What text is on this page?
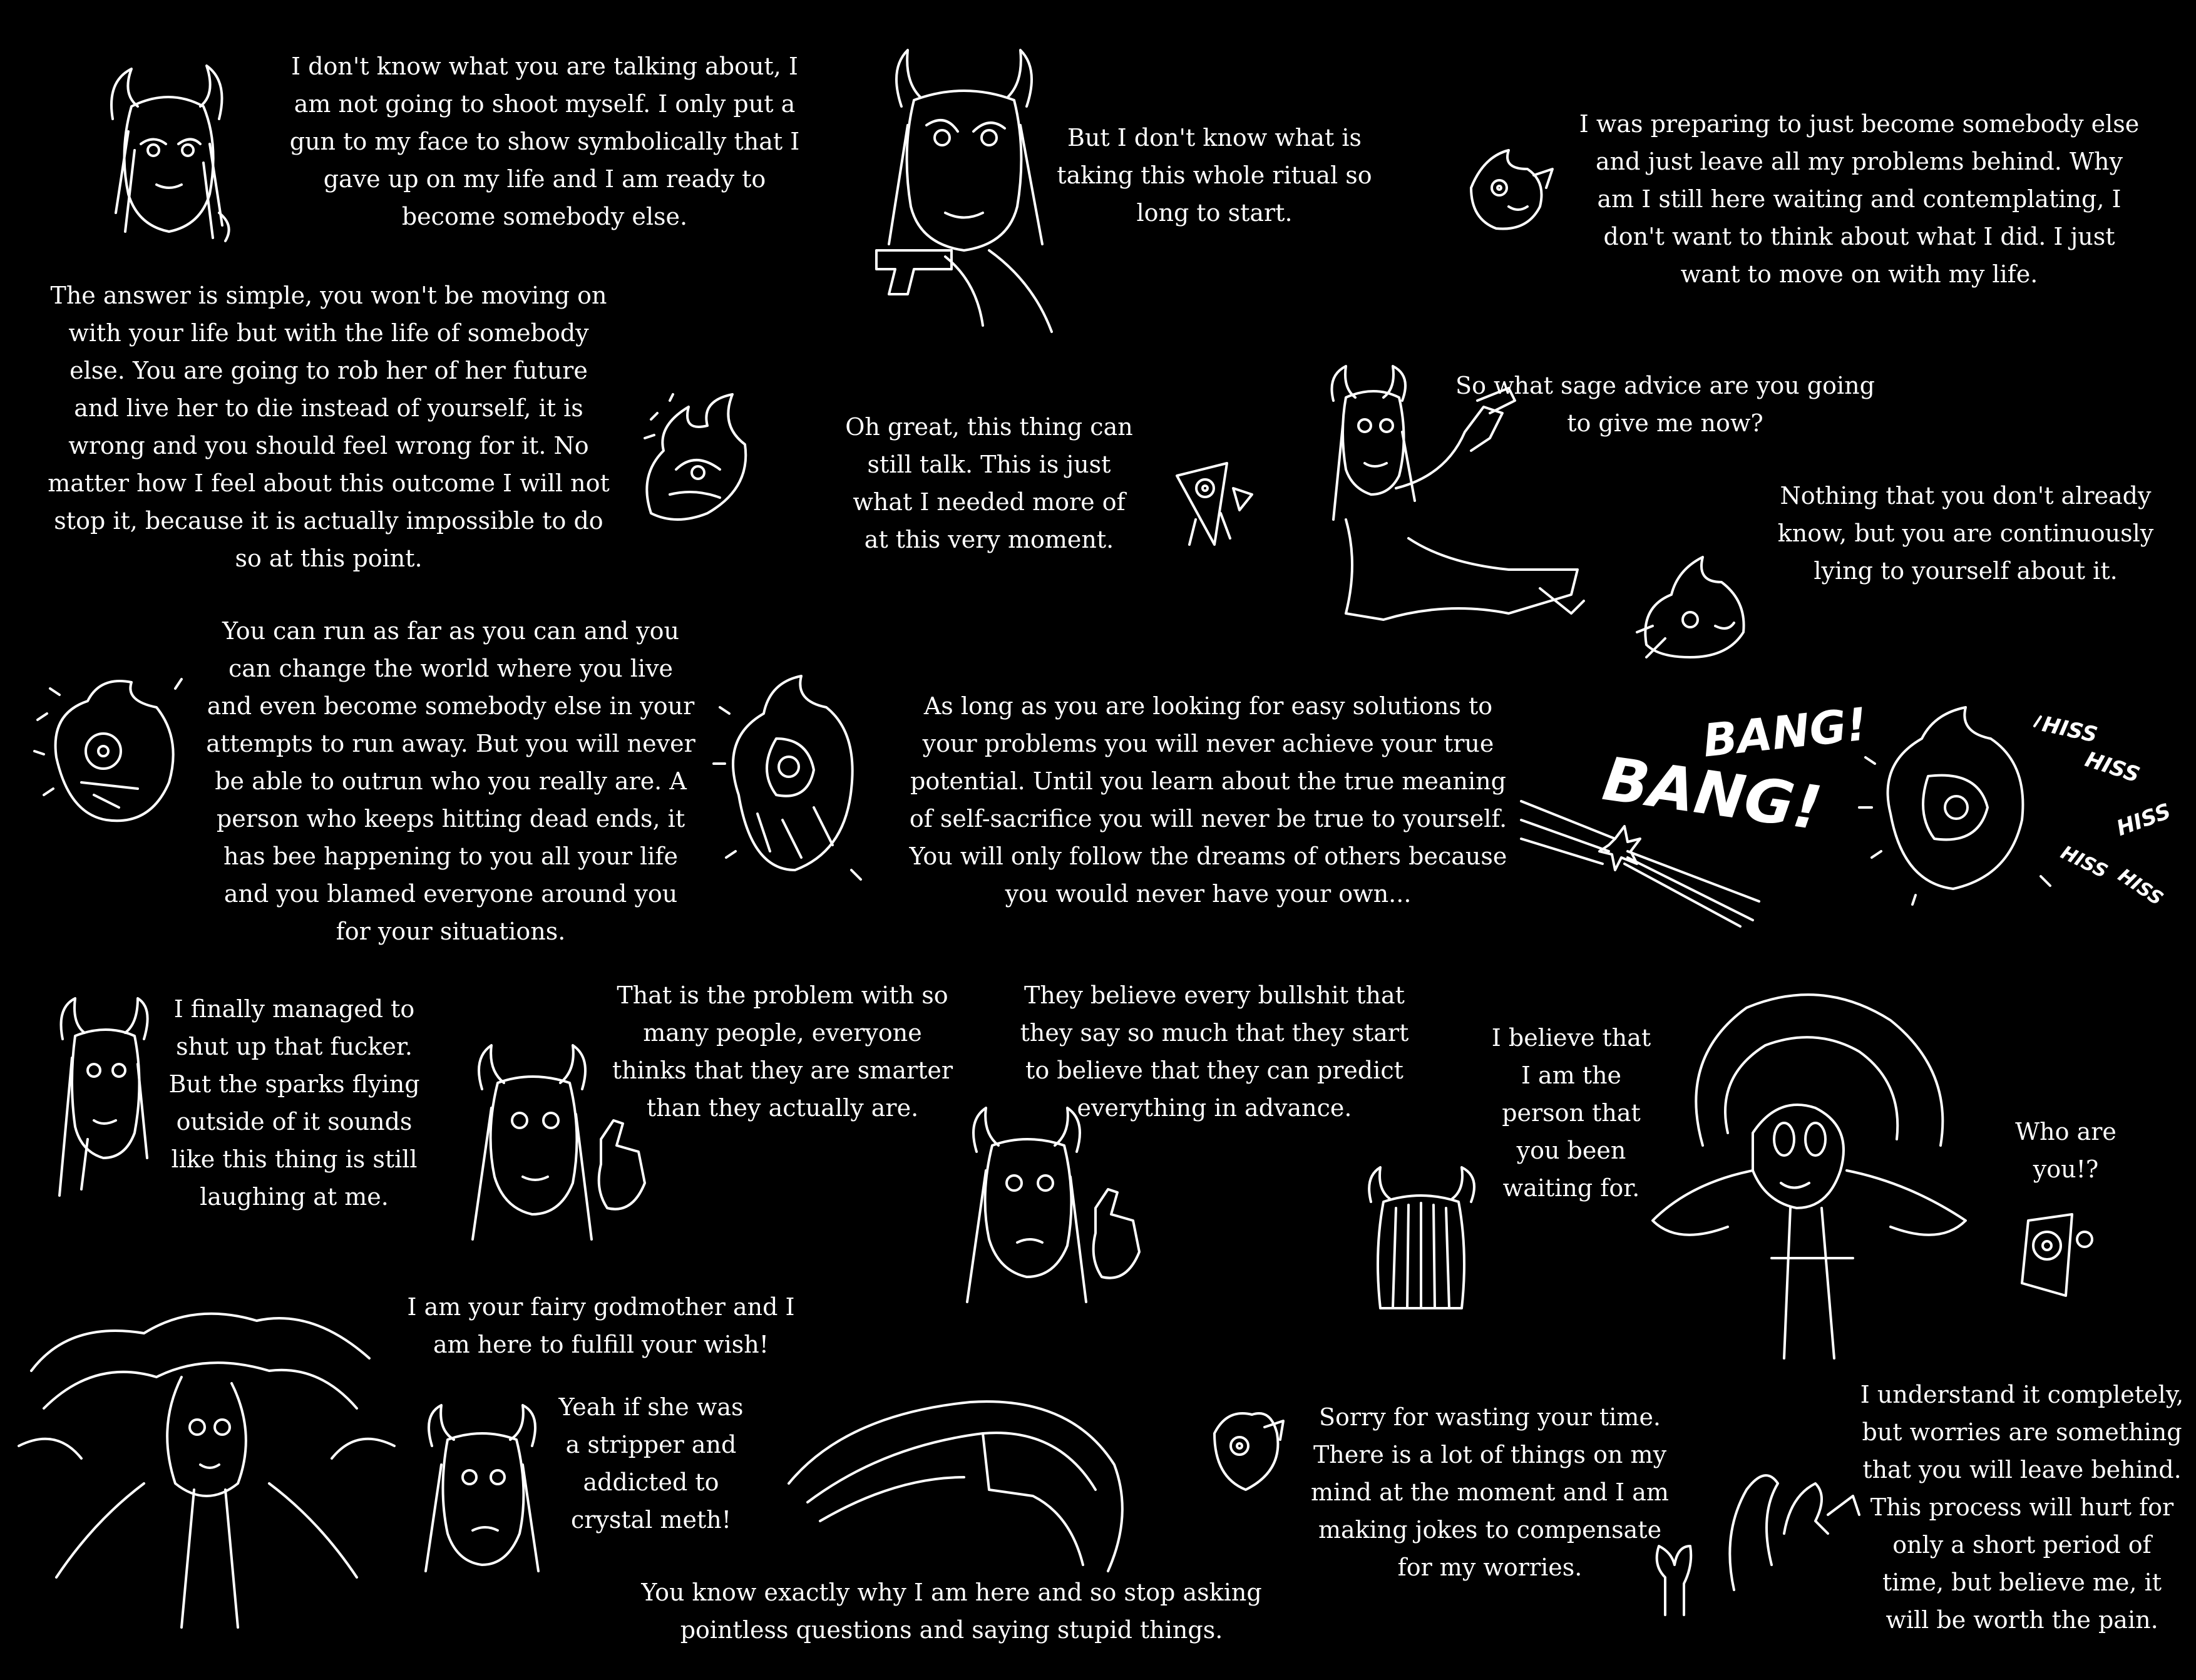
I don't know what you are talking about, I
am not going to shoot myself. I only put a
gun to my face to show symbolically that I
gave up on my life and I am ready to
become somebody else.
But I don't know what is
taking this whole ritual so
long to start.
I was preparing to just become somebody else
and just leave all my problems behind. Why
am I still here waiting and contemplating, I
don't want to think about what I did. I just
want to move on with my life.
The answer is simple, you won't be moving on
with your life but with the life of somebody
else. You are going to rob her of her future
and live her to die instead of yourself, it is
wrong and you should feel wrong for it. No
matter how I feel about this outcome I will not
stop it, because it is actually impossible to do
so at this point.
Oh great, this thing can
still talk. This is just
what I needed more of
at this very moment.
So what sage advice are you going
to give me now?
Nothing that you don't already
know, but you are continuously
lying to yourself about it.
You can run as far as you can and you
can change the world where you live
and even become somebody else in your
attempts to run away. But you will never
be able to outrun who you really are. A
person who keeps hitting dead ends, it
has bee happening to you all your life
and you blamed everyone around you
for your situations.
As long as you are looking for easy solutions to
your problems you will never achieve your true
potential. Until you learn about the true meaning
of self-sacrifice you will never be true to yourself.
You will only follow the dreams of others because
you would never have your own...
I finally managed to
shut up that fucker.
But the sparks flying
outside of it sounds
like this thing is still
laughing at me.
That is the problem with so
many people, everyone
thinks that they are smarter
than they actually are.
They believe every bullshit that
they say so much that they start
to believe that they can predict
everything in advance.
I believe that
I am the
person that
you been
waiting for.
Who are
you!?
I am your fairy godmother and I
am here to fulfill your wish!
Yeah if she was
a stripper and
addicted to
crystal meth!
Sorry for wasting your time.
There is a lot of things on my
mind at the moment and I am
making jokes to compensate
for my worries.
I understand it completely,
but worries are something
that you will leave behind.
This process will hurt for
only a short period of
time, but believe me, it
will be worth the pain.
You know exactly why I am here and so stop asking
pointless questions and saying stupid things.
BANG!
BANG!	HISS
HISS
HISS
HISS
HISS
